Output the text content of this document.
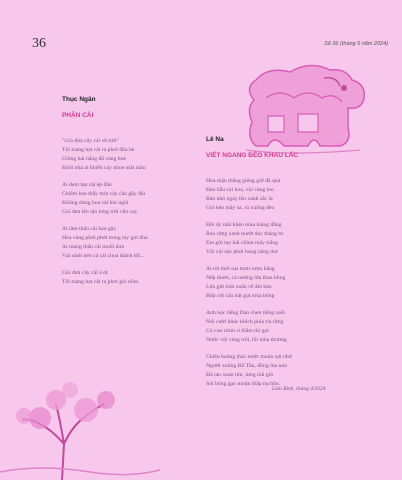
36	Số 36 (tháng 5 năm 2024)
Thục Ngân
PHẬN CẢI
"Gió đưa cây cải về trời"
Tôi mang hạt cải ra phơi đầu hè
Giồng hai nắng đã vàng hoe
Khói nhà ai khiến cay nhoe mắt mắu
Ai đem hạt cải ép dầu
Chiêm bao thấy một cây cầu gẫy đôi
Không dưng hoa cải bùi ngùi
Gió đưa lên tận lưng trời vẫn cay
Ai làm thân cải hao gầy
Hoa vàng phơi phới trong tay gió đùa
Ai mang thân cải muối dưa
Vại sành nén cả cái chua thành lời...
Gió đưa cây cải à ơi
Tôi mang hạt cải ra phơi gió nồm.
Lê Na
VIẾT NGANG ĐÈO KHAU LẮC
Hoa mận thắng giêng giữ đã quả
Đào hẫu cài hoa, vội vàng leo
Bản nhỏ ngày lên xanh sắc lá
Gió kéo mây sa, rủ xuống đèo
Đôi ấy mãi khéo mùa măng đắng
Rau rừng xanh mướt dọc tháng tư
Em gửi tay hái chùm mây trắng
Vắt vội sáo phơi hong nắng thơ
Ai rót mời nai mơn rượu bẵng
Nếp thơm, cá nướng lửa than hồng
Lửa gửi tình xuân về ấm bản
Bốp cời câu hát gọi mùa bông
Anh học tiếng Dao chen tiếng suối
Nói cười khúc khích phía ria rừng
Có con chim ri thầm thì gọi
Nước vội vàng trôi, lối mùa thương
Chiều buông thác nước muôn sợi nhớ
Người xuống Bố Tầu, đồng lúa non
Đã tan xoan tím, lưng núi giỏ
Sót bóng gạo muộn thắp nụ hồn.
Lâm Bình, tháng 4/2024
